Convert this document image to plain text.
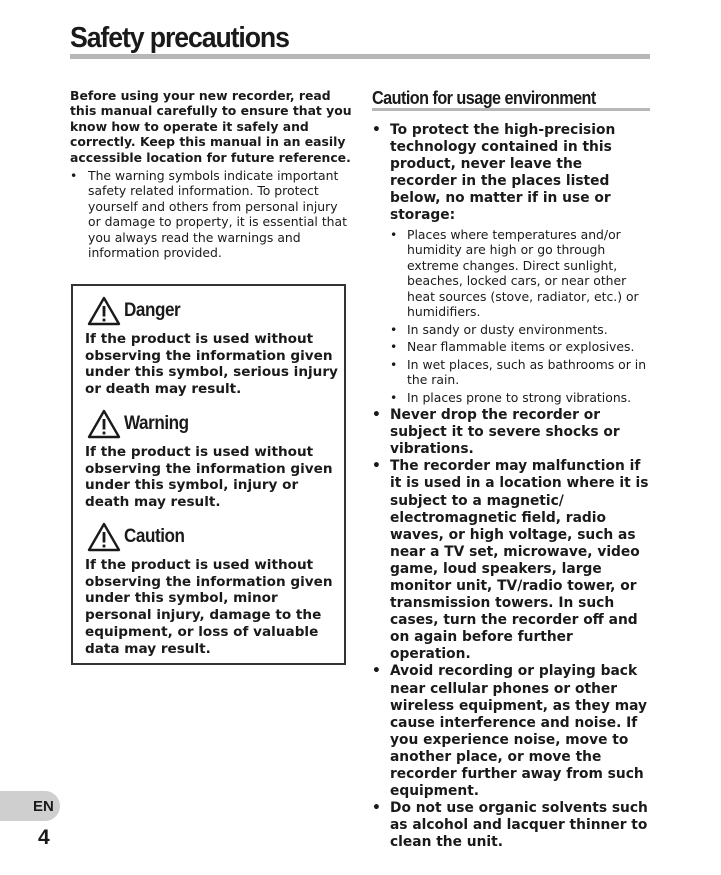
Safety precautions
Before using your new recorder, read this manual carefully to ensure that you know how to operate it safely and correctly. Keep this manual in an easily accessible location for future reference.
• The warning symbols indicate important safety related information. To protect yourself and others from personal injury or damage to property, it is essential that you always read the warnings and information provided.
Danger
If the product is used without observing the information given under this symbol, serious injury or death may result.
Warning
If the product is used without observing the information given under this symbol, injury or death may result.
Caution
If the product is used without observing the information given under this symbol, minor personal injury, damage to the equipment, or loss of valuable data may result.
Caution for usage environment
• To protect the high-precision technology contained in this product, never leave the recorder in the places listed below, no matter if in use or storage:
• Places where temperatures and/or humidity are high or go through extreme changes. Direct sunlight, beaches, locked cars, or near other heat sources (stove, radiator, etc.) or humidifiers.
• In sandy or dusty environments.
• Near flammable items or explosives.
• In wet places, such as bathrooms or in the rain.
• In places prone to strong vibrations.
• Never drop the recorder or subject it to severe shocks or vibrations.
• The recorder may malfunction if it is used in a location where it is subject to a magnetic/ electromagnetic field, radio waves, or high voltage, such as near a TV set, microwave, video game, loud speakers, large monitor unit, TV/radio tower, or transmission towers. In such cases, turn the recorder off and on again before further operation.
• Avoid recording or playing back near cellular phones or other wireless equipment, as they may cause interference and noise. If you experience noise, move to another place, or move the recorder further away from such equipment.
• Do not use organic solvents such as alcohol and lacquer thinner to clean the unit.
EN
4
